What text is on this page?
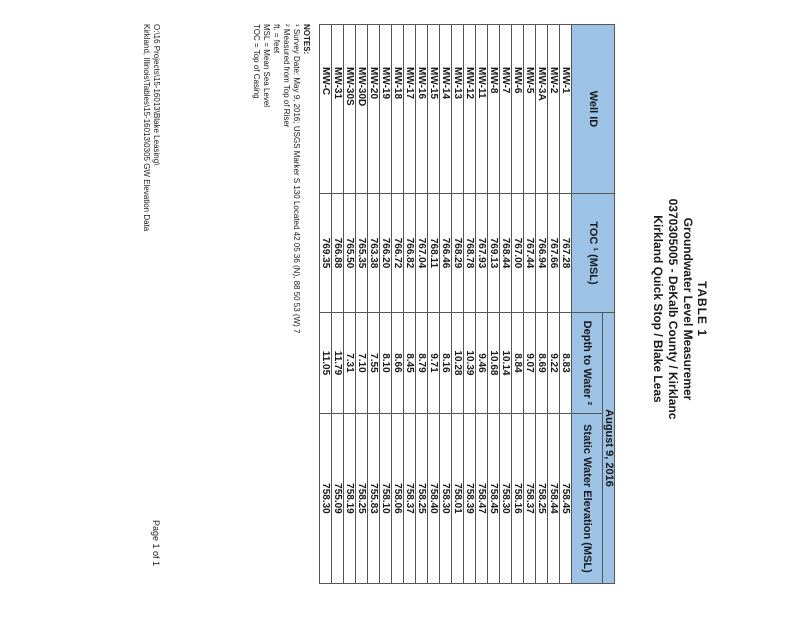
TABLE 1
Groundwater Level Measuremer
0370305005 - DeKalb County / Kirklanc
Kirkland Quick Stop / Blake Leas
Well ID	TOC ¹ (MSL)	August 9, 2016	
		Depth to Water ²	Static Water Elevation (MSL)
MW-1	767.28	8.83	758.45
MW-2	767.66	9.22	758.44
MW-3A	766.94	8.69	758.25
MW-5	767.44	9.07	758.37
MW-6	767.00	8.84	758.16
MW-7	768.44	10.14	758.30
MW-8	769.13	10.68	758.45
MW-11	767.93	9.46	758.47
MW-12	768.78	10.39	758.39
MW-13	768.29	10.28	758.01
MW-14	766.46	8.16	758.30
MW-15	768.11	9.71	758.40
MW-16	767.04	8.79	758.25
MW-17	766.82	8.45	758.37
MW-18	766.72	8.66	758.06
MW-19	766.20	8.10	758.10
MW-20	763.38	7.55	755.83
MW-30D	765.35	7.10	758.25
MW-30S	765.50	7.31	758.19
MW-31	766.88	11.79	755.09
MW-C	769.35	11.05	758.30
NOTES:
¹ Survey Date: May 9, 2016; USGS Marker S 130 Located 42 05 36 (N), 88 50 53 (W) 7
² Measured from Top of Riser
ft. = feet
MSL = Mean Sea Level
TOC = Top of Casing
O:\16 Projects\15-16013\Blake Leasing\
Kirkland, Illinois\Tables\15-16013\0305 GW Elevation Data
Page 1 of 1
